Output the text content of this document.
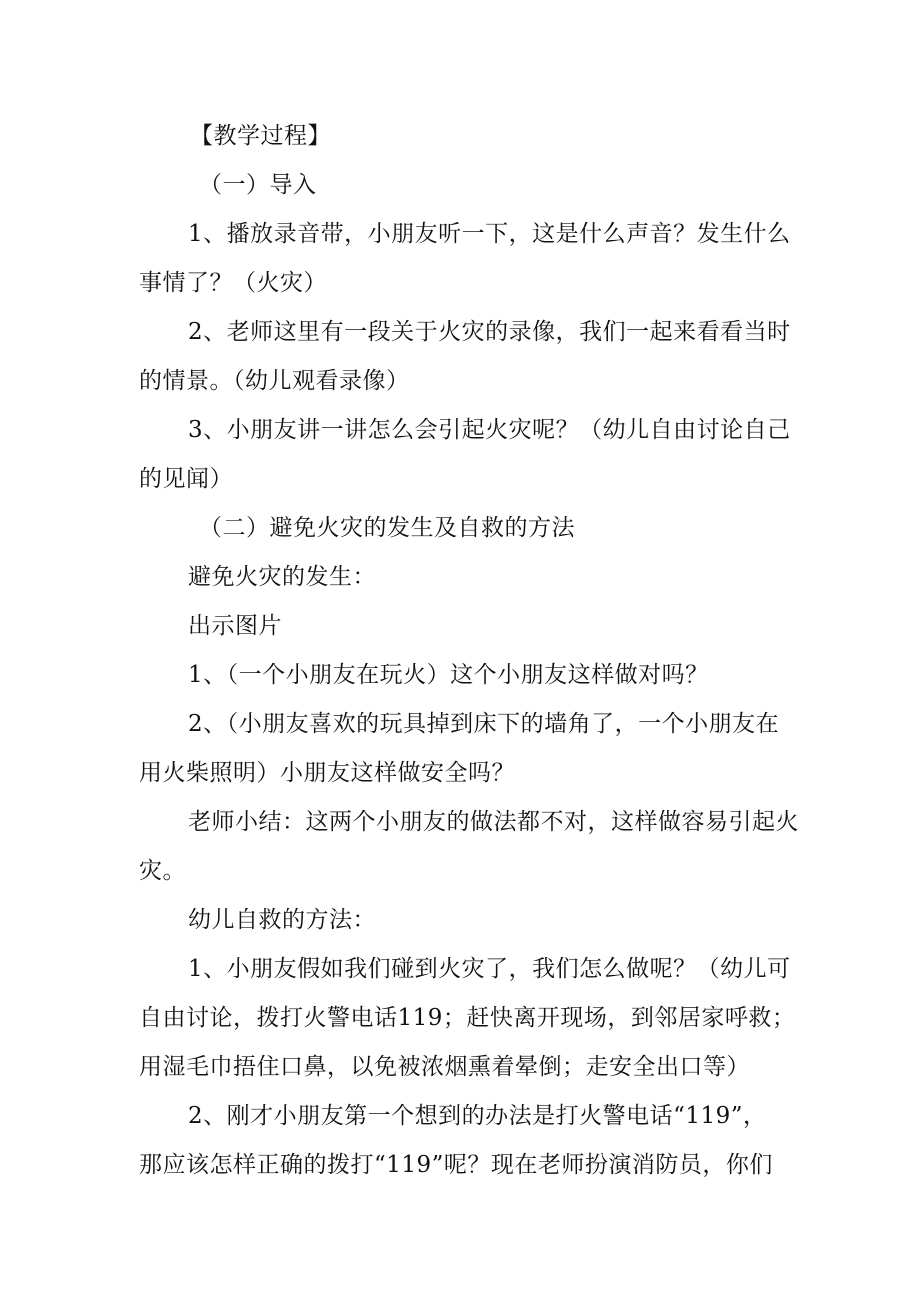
【教学过程】
（一）导入
1、播放录音带，小朋友听一下，这是什么声音？发生什么
事情了？（火灾）
2、老师这里有一段关于火灾的录像，我们一起来看看当时
的情景。（幼儿观看录像）
3、小朋友讲一讲怎么会引起火灾呢？（幼儿自由讨论自己
的见闻）
（二）避免火灾的发生及自救的方法
避免火灾的发生：
出示图片
1、（一个小朋友在玩火）这个小朋友这样做对吗？
2、（小朋友喜欢的玩具掉到床下的墙角了，一个小朋友在
用火柴照明）小朋友这样做安全吗？
老师小结：这两个小朋友的做法都不对，这样做容易引起火
灾。
幼儿自救的方法：
1、小朋友假如我们碰到火灾了，我们怎么做呢？（幼儿可
自由讨论，拨打火警电话119；赶快离开现场，到邻居家呼救；
用湿毛巾捂住口鼻，以免被浓烟熏着晕倒；走安全出口等）
2、刚才小朋友第一个想到的办法是打火警电话“119”，
那应该怎样正确的拨打“119”呢？现在老师扮演消防员，你们
